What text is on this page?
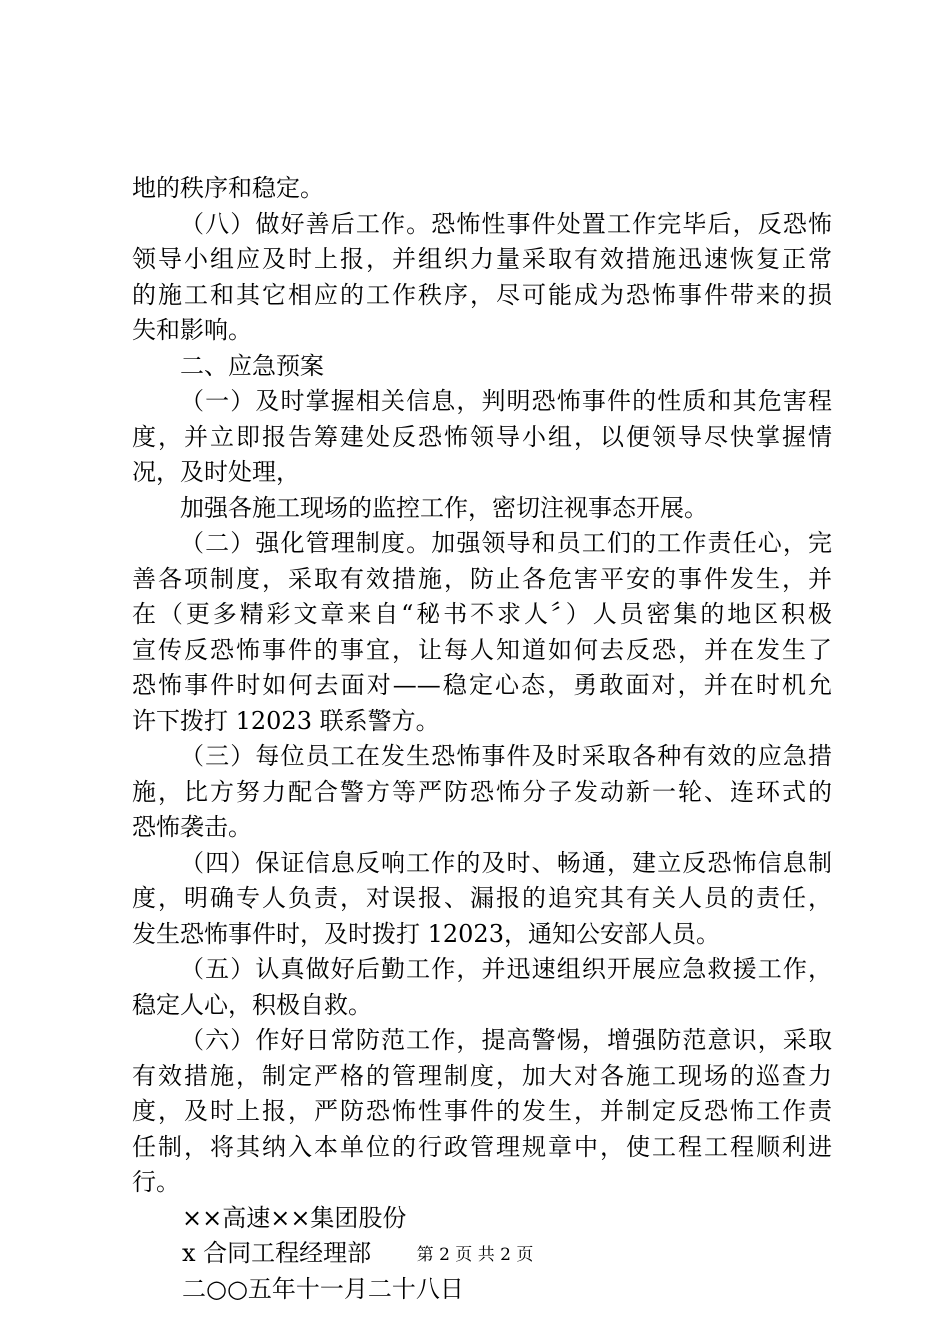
地的秩序和稳定。
（八）做好善后工作。恐怖性事件处置工作完毕后，反恐怖
领导小组应及时上报，并组织力量采取有效措施迅速恢复正常
的施工和其它相应的工作秩序，尽可能成为恐怖事件带来的损
失和影响。
二、应急预案
（一）及时掌握相关信息，判明恐怖事件的性质和其危害程
度，并立即报告筹建处反恐怖领导小组，以便领导尽快掌握情
况，及时处理，
加强各施工现场的监控工作，密切注视事态开展。
（二）强化管理制度。加强领导和员工们的工作责任心，完
善各项制度，采取有效措施，防止各危害平安的事件发生，并
在（更多精彩文章来自“秘书不求人〞）人员密集的地区积极
宣传反恐怖事件的事宜，让每人知道如何去反恐，并在发生了
恐怖事件时如何去面对——稳定心态，勇敢面对，并在时机允
许下拨打 12023 联系警方。
（三）每位员工在发生恐怖事件及时采取各种有效的应急措
施，比方努力配合警方等严防恐怖分子发动新一轮、连环式的
恐怖袭击。
（四）保证信息反响工作的及时、畅通，建立反恐怖信息制
度，明确专人负责，对误报、漏报的追究其有关人员的责任，
发生恐怖事件时，及时拨打 12023，通知公安部人员。
（五）认真做好后勤工作，并迅速组织开展应急救援工作，
稳定人心，积极自救。
（六）作好日常防范工作，提高警惕，增强防范意识，采取
有效措施，制定严格的管理制度，加大对各施工现场的巡查力
度，及时上报，严防恐怖性事件的发生，并制定反恐怖工作责
任制，将其纳入本单位的行政管理规章中，使工程工程顺利进
行。
××高速××集团股份
x 合同工程经理部
二○○五年十一月二十八日
第 2 页 共 2 页
